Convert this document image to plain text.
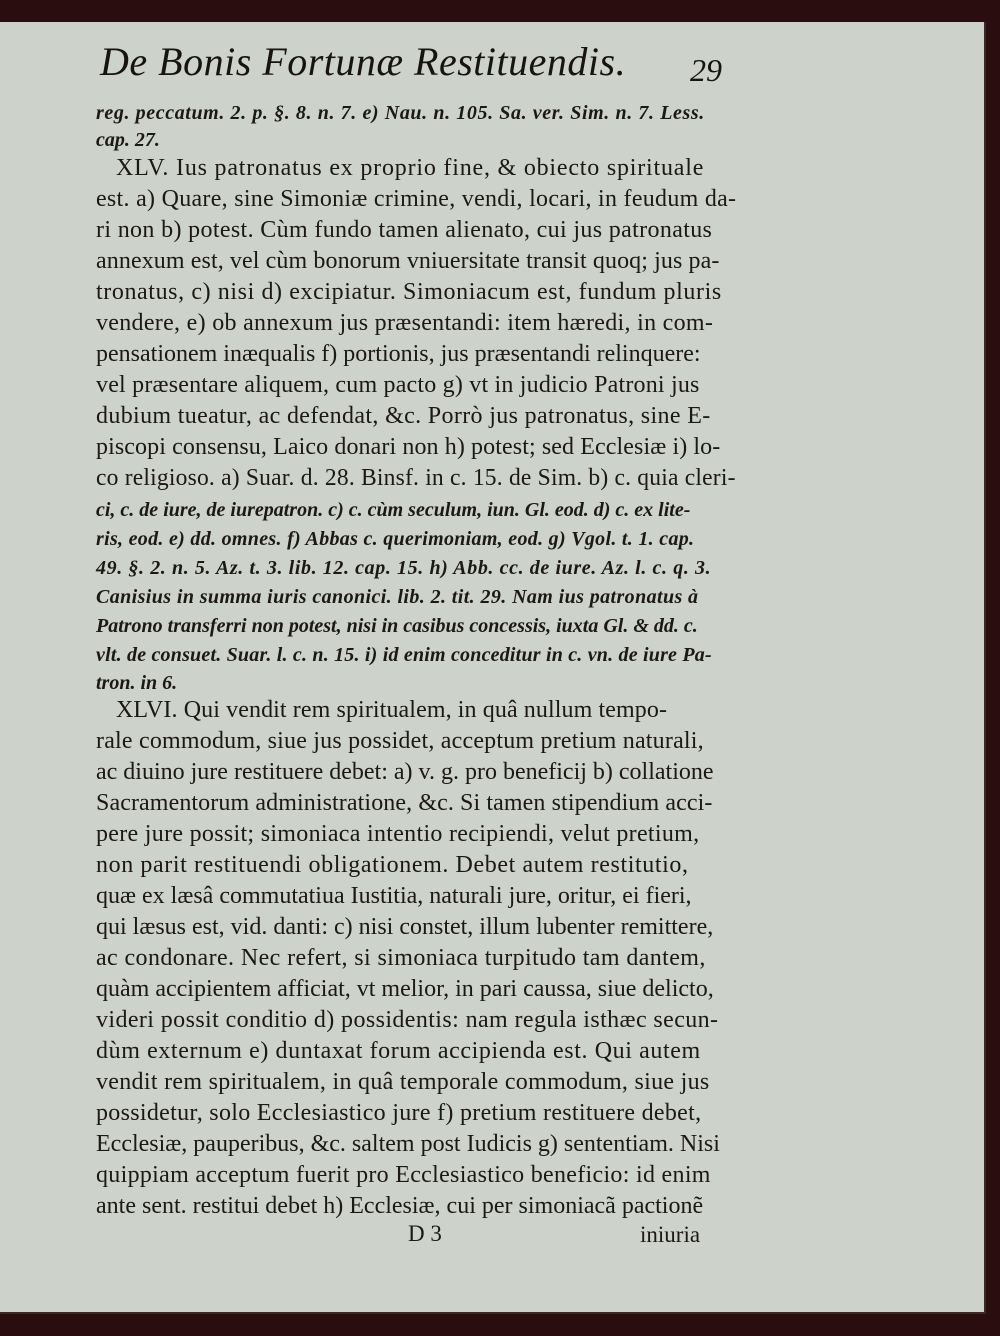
De Bonis Fortunæ Restituendis. 29
reg. peccatum. 2. p. §. 8. n. 7. e) Nau. n. 105. Sa. ver. Sim. n. 7. Less.
cap. 27.
XLV. Ius patronatus ex proprio fine, & obiecto spirituale
est. a) Quare, sine Simoniæ crimine, vendi, locari, in feudum da-
ri non b) potest. Cùm fundo tamen alienato, cui jus patronatus
annexum est, vel cùm bonorum vniuersitate transit quoq; jus pa-
tronatus, c) nisi d) excipiatur. Simoniacum est, fundum pluris
vendere, e) ob annexum jus præsentandi: item hæredi, in com-
pensationem inæqualis f) portionis, jus præsentandi relinquere:
vel præsentare aliquem, cum pacto g) vt in judicio Patroni jus
dubium tueatur, ac defendat, &c. Porrò jus patronatus, sine E-
piscopi consensu, Laico donari non h) potest; sed Ecclesiæ i) lo-
co religioso. a) Suar. d. 28. Binsf. in c. 15. de Sim. b) c. quia cleri-
ci, c. de iure, de iurepatron. c) c. cùm seculum, iun. Gl. eod. d) c. ex lite-
ris, eod. e) dd. omnes. f) Abbas c. querimoniam, eod. g) Vgol. t. 1. cap.
49. §. 2. n. 5. Az. t. 3. lib. 12. cap. 15. h) Abb. cc. de iure. Az. l. c. q. 3.
Canisius in summa iuris canonici. lib. 2. tit. 29. Nam ius patronatus à
Patrono transferri non potest, nisi in casibus concessis, iuxta Gl. & dd. c.
vlt. de consuet. Suar. l. c. n. 15. i) id enim conceditur in c. vn. de iure Pa-
tron. in 6.
XLVI. Qui vendit rem spiritualem, in quâ nullum tempo-
rale commodum, siue jus possidet, acceptum pretium naturali,
ac diuino jure restituere debet: a) v. g. pro beneficij b) collatione
Sacramentorum administratione, &c. Si tamen stipendium acci-
pere jure possit; simoniaca intentio recipiendi, velut pretium,
non parit restituendi obligationem. Debet autem restitutio,
quæ ex læsâ commutatiua Iustitia, naturali jure, oritur, ei fieri,
qui læsus est, vid. danti: c) nisi constet, illum lubenter remittere,
ac condonare. Nec refert, si simoniaca turpitudo tam dantem,
quàm accipientem afficiat, vt melior, in pari caussa, siue delicto,
videri possit conditio d) possidentis: nam regula isthæc secun-
dùm externum e) duntaxat forum accipienda est. Qui autem
vendit rem spiritualem, in quâ temporale commodum, siue jus
possidetur, solo Ecclesiastico jure f) pretium restituere debet,
Ecclesiæ, pauperibus, &c. saltem post Iudicis g) sententiam. Nisi
quippiam acceptum fuerit pro Ecclesiastico beneficio: id enim
ante sent. restitui debet h) Ecclesiæ, cui per simoniacã pactionẽ
D 3	iniuria
